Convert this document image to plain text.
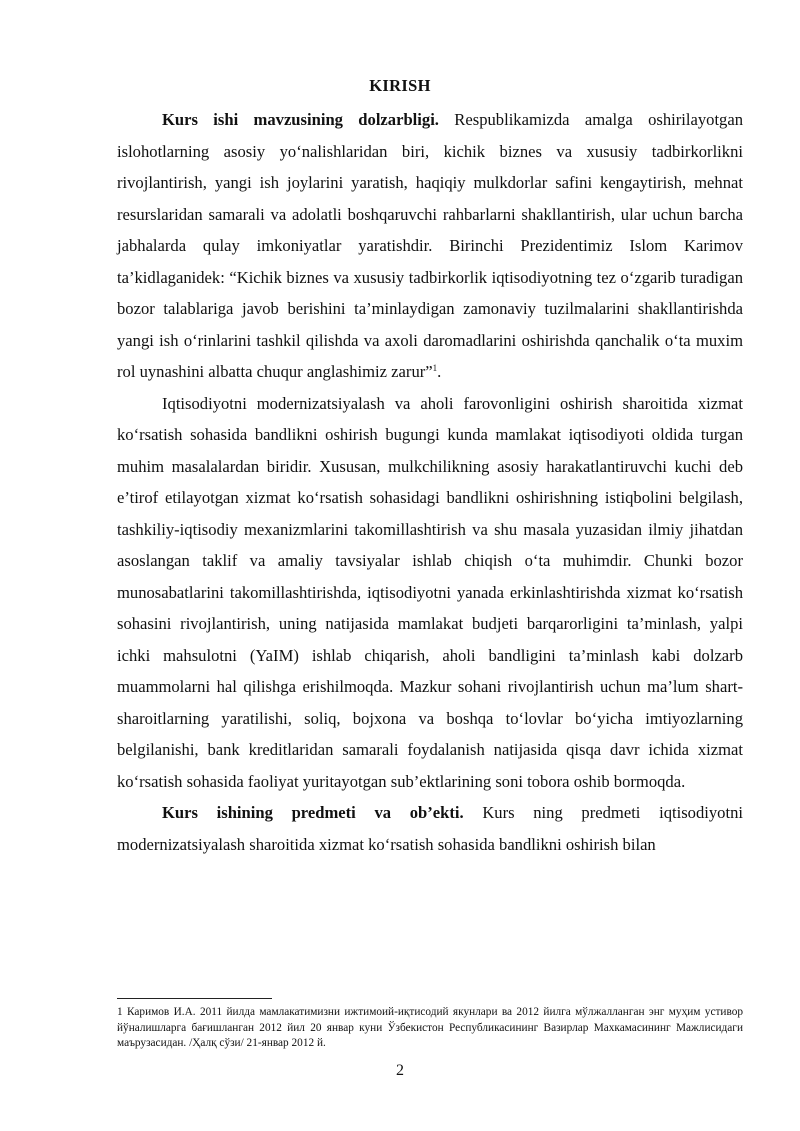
KIRISH

Kurs ishi mavzusining dolzarbligi. Respublikamizda amalga oshirilayotgan islohotlarning asosiy yo‘nalishlaridan biri, kichik biznes va xususiy tadbirkorlikni rivojlantirish, yangi ish joylarini yaratish, haqiqiy mulkdorlar safini kengaytirish, mehnat resurslaridan samarali va adolatli boshqaruvchi rahbarlarni shakllantirish, ular uchun barcha jabhalarda qulay imkoniyatlar yaratishdir. Birinchi Prezidentimiz Islom Karimov ta’kidlaganidek: “Kichik biznes va xususiy tadbirkorlik iqtisodiyotning tez o‘zgarib turadigan bozor talablariga javob berishini ta’minlaydigan zamonaviy tuzilmalarini shakllantirishda yangi ish o‘rinlarini tashkil qilishda va axoli daromadlarini oshirishda qanchalik o‘ta muxim rol uynashini albatta chuqur anglashimiz zarur”$^1$.

Iqtisodiyotni modernizatsiyalash va aholi farovonligini oshirish sharoitida xizmat ko‘rsatish sohasida bandlikni oshirish bugungi kunda mamlakat iqtisodiyoti oldida turgan muhim masalalardan biridir. Xususan, mulkchilikning asosiy harakatlantiruvchi kuchi deb e’tirof etilayotgan xizmat ko‘rsatish sohasidagi bandlikni oshirishning istiqbolini belgilash, tashkiliy-iqtisodiy mexanizmlarini takomillashtirish va shu masala yuzasidan ilmiy jihatdan asoslangan taklif va amaliy tavsiyalar ishlab chiqish o‘ta muhimdir. Chunki bozor munosabatlarini takomillashtirishda, iqtisodiyotni yanada erkinlashtirishda xizmat ko‘rsatish sohasini rivojlantirish, uning natijasida mamlakat budjeti barqarorligini ta’minlash, yalpi ichki mahsulotni (YaIM) ishlab chiqarish, aholi bandligini ta’minlash kabi dolzarb muammolarni hal qilishga erishilmoqda. Mazkur sohani rivojlantirish uchun ma’lum shart-sharoitlarning yaratilishi, soliq, bojxona va boshqa to‘lovlar bo‘yicha imtiyozlarning belgilanishi, bank kreditlaridan samarali foydalanish natijasida qisqa davr ichida xizmat ko‘rsatish sohasida faoliyat yuritayotgan sub’ektlarining soni tobora oshib bormoqda.

Kurs ishining predmeti va ob’ekti. Kurs ning predmeti iqtisodiyotni modernizatsiyalash sharoitida xizmat ko‘rsatish sohasida bandlikni oshirish bilan

1 Каримов И.А. 2011 йилда мамлакатимизни ижтимоий-иқтисодий якунлари ва 2012 йилга мўлжалланган энг муҳим устивор йўналишларга бағишланган 2012 йил 20 январ куни Ўзбекистон Республикасининг Вазирлар Махкамасининг Мажлисидаги маърузасидан. /Ҳалқ сўзи/ 21-январ 2012 й.
2
